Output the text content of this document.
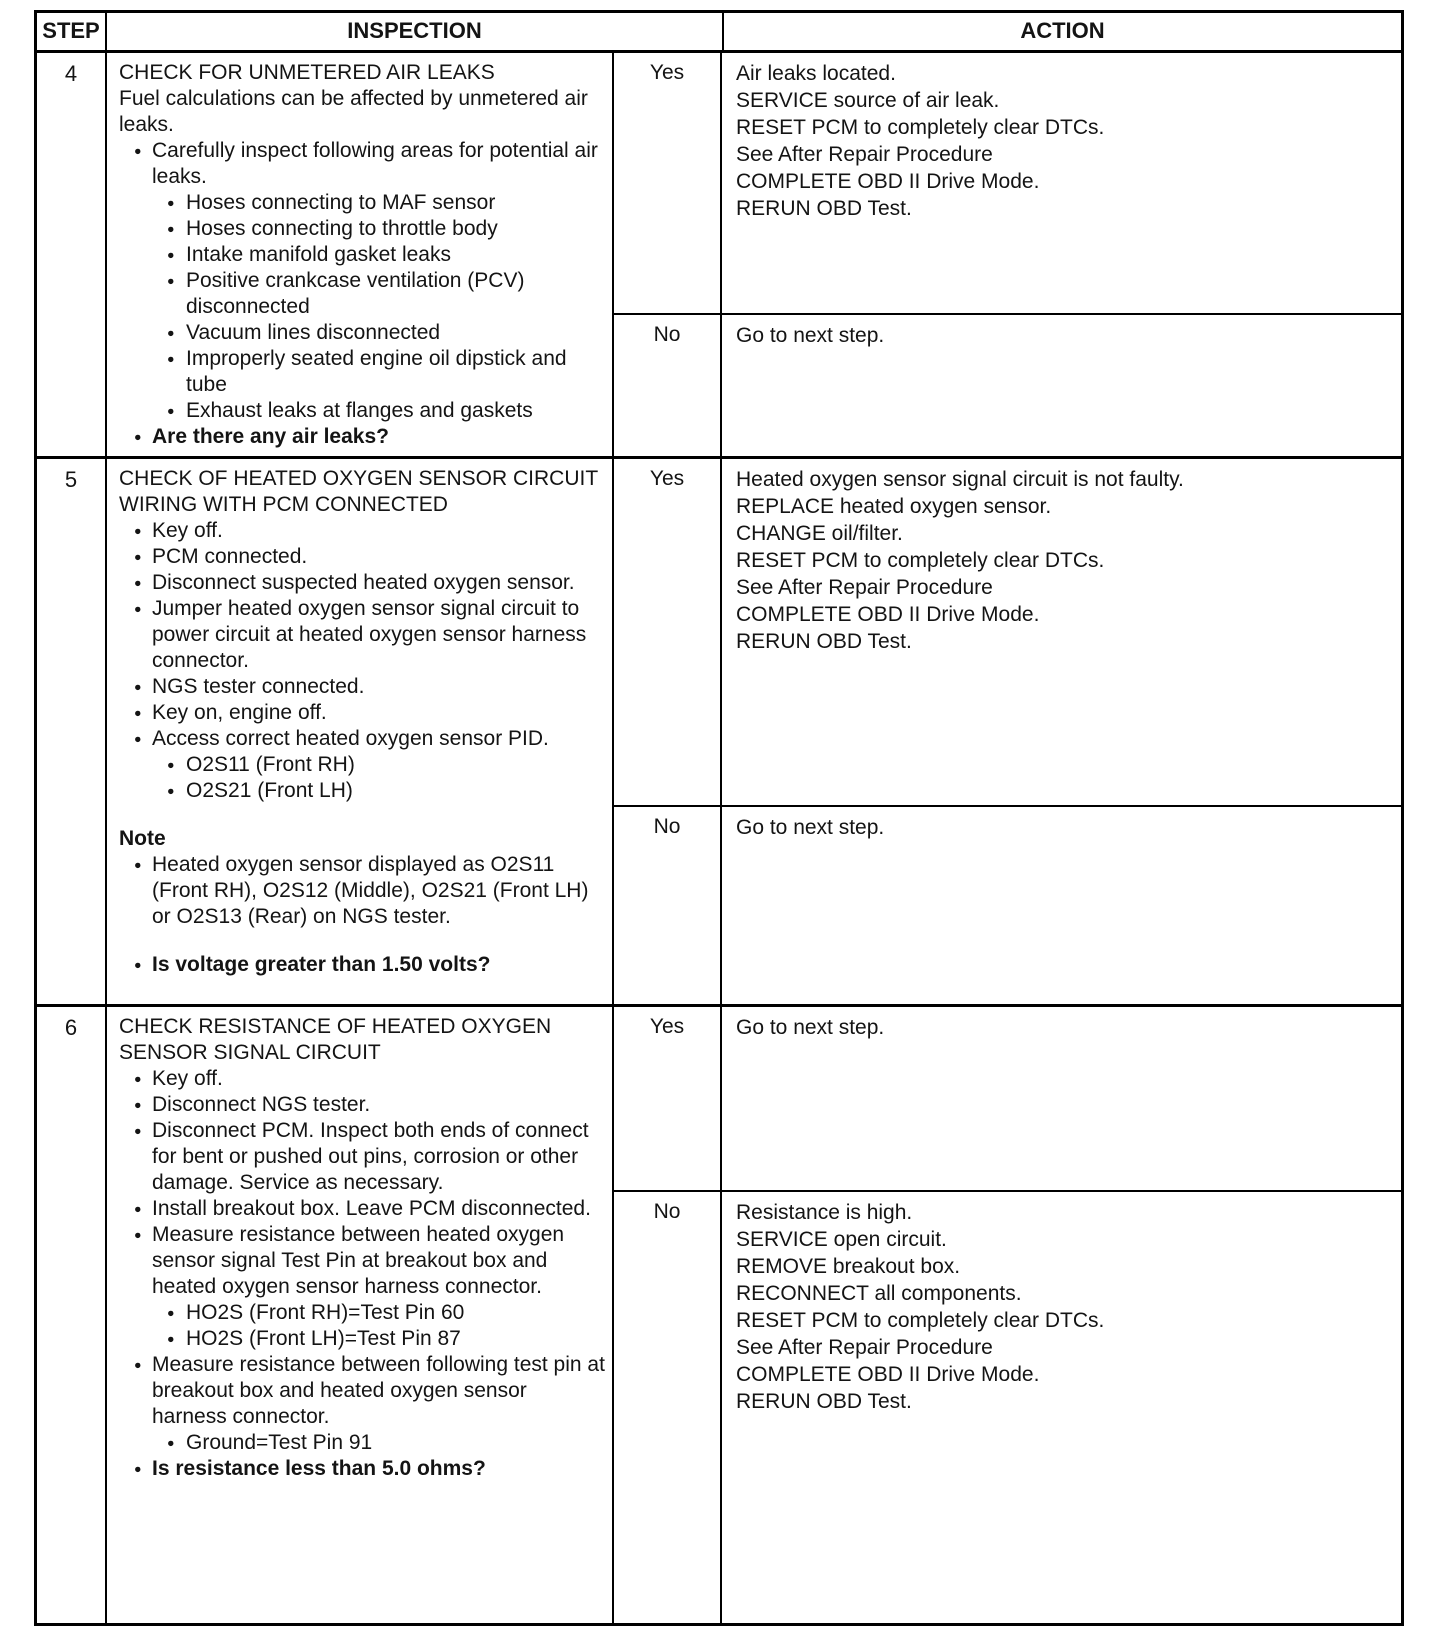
STEP	INSPECTION	ACTION
4	CHECK FOR UNMETERED AIR LEAKS
Fuel calculations can be affected by unmetered air leaks.
● Carefully inspect following areas for potential air leaks.
● Hoses connecting to MAF sensor
● Hoses connecting to throttle body
● Intake manifold gasket leaks
● Positive crankcase ventilation (PCV) disconnected
● Vacuum lines disconnected
● Improperly seated engine oil dipstick and tube
● Exhaust leaks at flanges and gaskets
● Are there any air leaks?
Yes	Air leaks located.
SERVICE source of air leak.
RESET PCM to completely clear DTCs.
See After Repair Procedure
COMPLETE OBD II Drive Mode.
RERUN OBD Test.
No	Go to next step.
5	CHECK OF HEATED OXYGEN SENSOR CIRCUIT WIRING WITH PCM CONNECTED
● Key off.
● PCM connected.
● Disconnect suspected heated oxygen sensor.
● Jumper heated oxygen sensor signal circuit to power circuit at heated oxygen sensor harness connector.
● NGS tester connected.
● Key on, engine off.
● Access correct heated oxygen sensor PID.
● O2S11 (Front RH)
● O2S21 (Front LH)
Note
● Heated oxygen sensor displayed as O2S11 (Front RH), O2S12 (Middle), O2S21 (Front LH) or O2S13 (Rear) on NGS tester.
● Is voltage greater than 1.50 volts?
Yes	Heated oxygen sensor signal circuit is not faulty.
REPLACE heated oxygen sensor.
CHANGE oil/filter.
RESET PCM to completely clear DTCs.
See After Repair Procedure
COMPLETE OBD II Drive Mode.
RERUN OBD Test.
No	Go to next step.
6	CHECK RESISTANCE OF HEATED OXYGEN SENSOR SIGNAL CIRCUIT
● Key off.
● Disconnect NGS tester.
● Disconnect PCM. Inspect both ends of connect for bent or pushed out pins, corrosion or other damage. Service as necessary.
● Install breakout box. Leave PCM disconnected.
● Measure resistance between heated oxygen sensor signal Test Pin at breakout box and heated oxygen sensor harness connector.
● HO2S (Front RH)=Test Pin 60
● HO2S (Front LH)=Test Pin 87
● Measure resistance between following test pin at breakout box and heated oxygen sensor harness connector.
● Ground=Test Pin 91
● Is resistance less than 5.0 ohms?
Yes	Go to next step.
No	Resistance is high.
SERVICE open circuit.
REMOVE breakout box.
RECONNECT all components.
RESET PCM to completely clear DTCs.
See After Repair Procedure
COMPLETE OBD II Drive Mode.
RERUN OBD Test.
